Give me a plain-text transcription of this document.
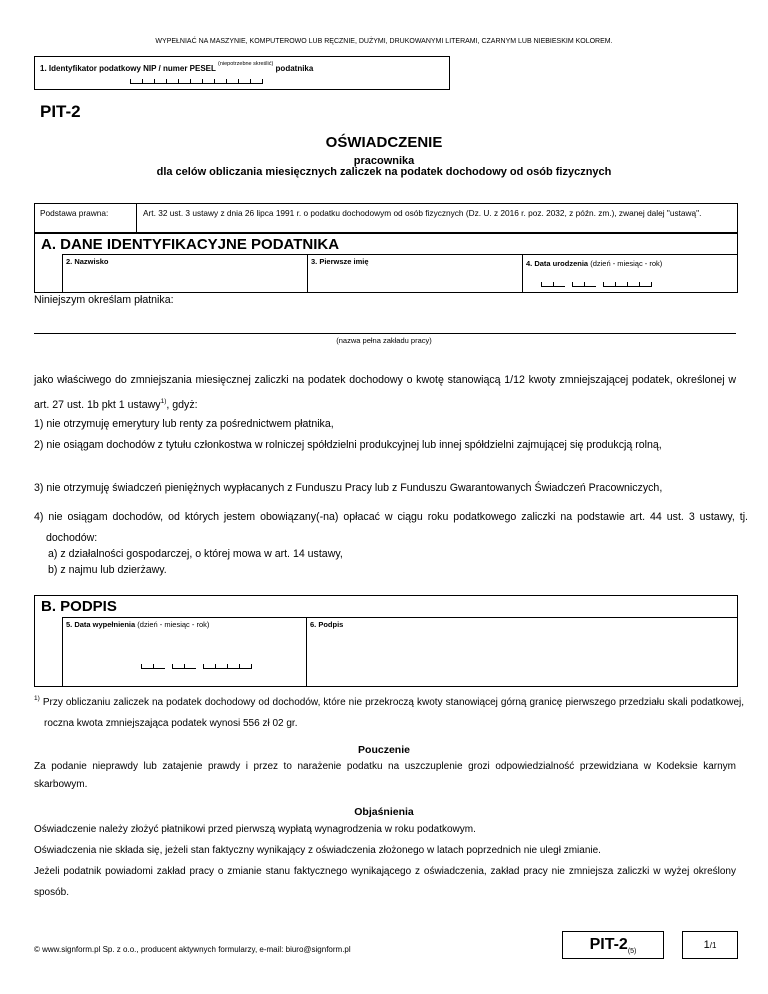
WYPEŁNIAĆ NA MASZYNIE, KOMPUTEROWO LUB RĘCZNIE, DUŻYMI, DRUKOWANYMI LITERAMI, CZARNYM LUB NIEBIESKIM KOLOREM.
1. Identyfikator podatkowy NIP / numer PESEL $^{(niepotrzebne skreślić)}$ podatnika
PIT-2
OŚWIADCZENIE
pracownika
dla celów obliczania miesięcznych zaliczek na podatek dochodowy od osób fizycznych
Podstawa prawna:	Art. 32 ust. 3 ustawy z dnia 26 lipca 1991 r. o podatku dochodowym od osób fizycznych (Dz. U. z 2016 r. poz. 2032, z późn. zm.), zwanej dalej "ustawą".
A. DANE IDENTYFIKACYJNE PODATNIKA
2. Nazwisko	3. Pierwsze imię	4. Data urodzenia (dzień - miesiąc - rok)
Niniejszym określam płatnika:
(nazwa pełna zakładu pracy)
jako właściwego do zmniejszania miesięcznej zaliczki na podatek dochodowy o kwotę stanowiącą 1/12 kwoty zmniejszającej podatek, określonej w art. 27 ust. 1b pkt 1 ustawy$^{1)}$, gdyż:
1) nie otrzymuję emerytury lub renty za pośrednictwem płatnika,
2) nie osiągam dochodów z tytułu członkostwa w rolniczej spółdzielni produkcyjnej lub innej spółdzielni zajmującej się produkcją rolną,
3) nie otrzymuję świadczeń pieniężnych wypłacanych z Funduszu Pracy lub z Funduszu Gwarantowanych Świadczeń Pracowniczych,
4) nie osiągam dochodów, od których jestem obowiązany(-na) opłacać w ciągu roku podatkowego zaliczki na podstawie art. 44 ust. 3 ustawy, tj. dochodów:
a) z działalności gospodarczej, o której mowa w art. 14 ustawy,
b) z najmu lub dzierżawy.
B. PODPIS
5. Data wypełnienia (dzień - miesiąc - rok)	6. Podpis
$^{1)}$ Przy obliczaniu zaliczek na podatek dochodowy od dochodów, które nie przekroczą kwoty stanowiącej górną granicę pierwszego przedziału skali podatkowej, roczna kwota zmniejszająca podatek wynosi 556 zł 02 gr.
Pouczenie
Za podanie nieprawdy lub zatajenie prawdy i przez to narażenie podatku na uszczuplenie grozi odpowiedzialność przewidziana w Kodeksie karnym skarbowym.
Objaśnienia
Oświadczenie należy złożyć płatnikowi przed pierwszą wypłatą wynagrodzenia w roku podatkowym.
Oświadczenia nie składa się, jeżeli stan faktyczny wynikający z oświadczenia złożonego w latach poprzednich nie uległ zmianie.
Jeżeli podatnik powiadomi zakład pracy o zmianie stanu faktycznego wynikającego z oświadczenia, zakład pracy nie zmniejsza zaliczki w wyżej określony sposób.
© www.signform.pl Sp. z o.o., producent aktywnych formularzy, e-mail: biuro@signform.pl	PIT-$2_{(5)}$
1/1
